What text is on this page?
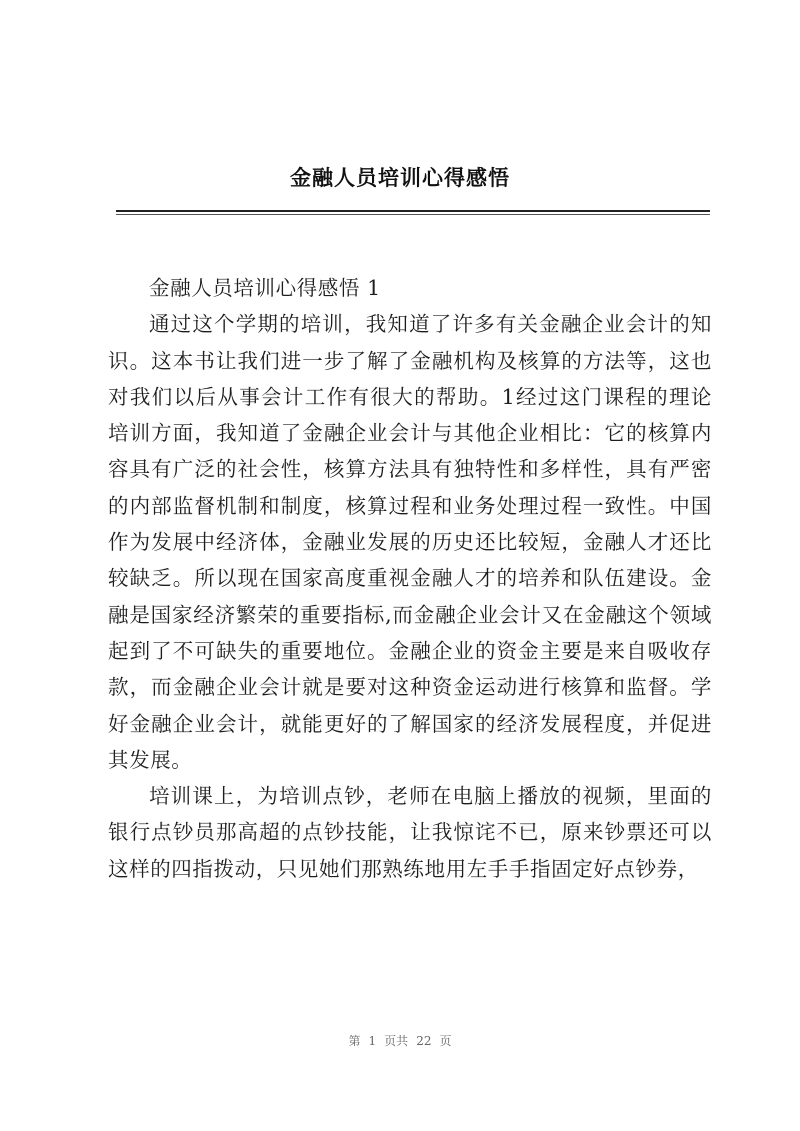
金融人员培训心得感悟

金融人员培训心得感悟 1

通过这个学期的培训，我知道了许多有关金融企业会计的知识。这本书让我们进一步了解了金融机构及核算的方法等，这也对我们以后从事会计工作有很大的帮助。1经过这门课程的理论培训方面，我知道了金融企业会计与其他企业相比：它的核算内容具有广泛的社会性，核算方法具有独特性和多样性，具有严密的内部监督机制和制度，核算过程和业务处理过程一致性。中国作为发展中经济体，金融业发展的历史还比较短，金融人才还比较缺乏。所以现在国家高度重视金融人才的培养和队伍建设。金融是国家经济繁荣的重要指标,而金融企业会计又在金融这个领域起到了不可缺失的重要地位。金融企业的资金主要是来自吸收存款，而金融企业会计就是要对这种资金运动进行核算和监督。学好金融企业会计，就能更好的了解国家的经济发展程度，并促进其发展。

培训课上，为培训点钞，老师在电脑上播放的视频，里面的银行点钞员那高超的点钞技能，让我惊诧不已，原来钞票还可以这样的四指拨动，只见她们那熟练地用左手手指固定好点钞券，

第 1 页共 22 页
